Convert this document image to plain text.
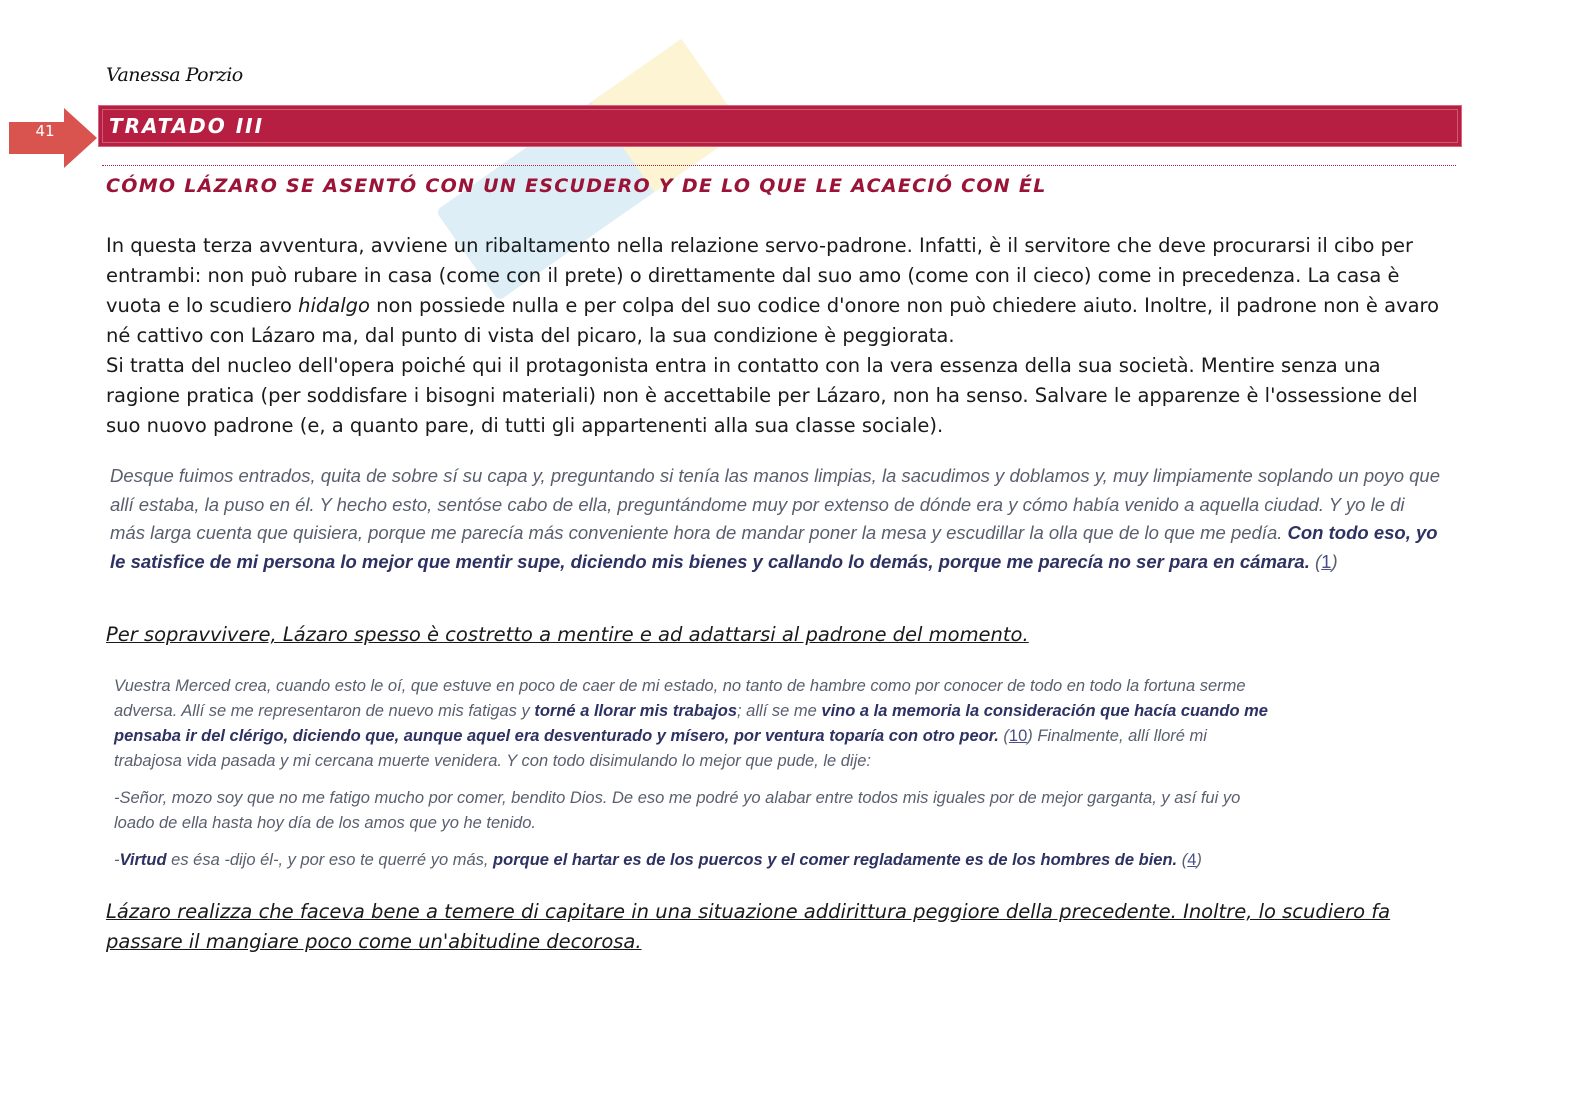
Vanessa Porzio
41	TRATADO III
CÓMO LÁZARO SE ASENTÓ CON UN ESCUDERO Y DE LO QUE LE ACAECIÓ CON ÉL

In questa terza avventura, avviene un ribaltamento nella relazione servo-padrone. Infatti, è il servitore che deve procurarsi il cibo per entrambi: non può rubare in casa (come con il prete) o direttamente dal suo amo (come con il cieco) come in precedenza. La casa è vuota e lo scudiero hidalgo non possiede nulla e per colpa del suo codice d'onore non può chiedere aiuto. Inoltre, il padrone non è avaro né cattivo con Lázaro ma, dal punto di vista del picaro, la sua condizione è peggiorata.

Si tratta del nucleo dell'opera poiché qui il protagonista entra in contatto con la vera essenza della sua società. Mentire senza una ragione pratica (per soddisfare i bisogni materiali) non è accettabile per Lázaro, non ha senso. Salvare le apparenze è l'ossessione del suo nuovo padrone (e, a quanto pare, di tutti gli appartenenti alla sua classe sociale).

Desque fuimos entrados, quita de sobre sí su capa y, preguntando si tenía las manos limpias, la sacudimos y doblamos y, muy limpiamente soplando un poyo que allí estaba, la puso en él. Y hecho esto, sentóse cabo de ella, preguntándome muy por extenso de dónde era y cómo había venido a aquella ciudad. Y yo le di más larga cuenta que quisiera, porque me parecía más conveniente hora de mandar poner la mesa y escudillar la olla que de lo que me pedía. Con todo eso, yo le satisfice de mi persona lo mejor que mentir supe, diciendo mis bienes y callando lo demás, porque me parecía no ser para en cámara. (1)
Per sopravvivere, Lázaro spesso è costretto a mentire e ad adattarsi al padrone del momento.

Vuestra Merced crea, cuando esto le oí, que estuve en poco de caer de mi estado, no tanto de hambre como por conocer de todo en todo la fortuna serme adversa. Allí se me representaron de nuevo mis fatigas y torné a llorar mis trabajos; allí se me vino a la memoria la consideración que hacía cuando me pensaba ir del clérigo, diciendo que, aunque aquel era desventurado y mísero, por ventura toparía con otro peor. (10) Finalmente, allí lloré mi trabajosa vida pasada y mi cercana muerte venidera. Y con todo disimulando lo mejor que pude, le dije:

-Señor, mozo soy que no me fatigo mucho por comer, bendito Dios. De eso me podré yo alabar entre todos mis iguales por de mejor garganta, y así fui yo loado de ella hasta hoy día de los amos que yo he tenido.

-Virtud es ésa -dijo él-, y por eso te querré yo más, porque el hartar es de los puercos y el comer regladamente es de los hombres de bien. (4)

Lázaro realizza che faceva bene a temere di capitare in una situazione addirittura peggiore della precedente. Inoltre, lo scudiero fa passare il mangiare poco come un'abitudine decorosa.
